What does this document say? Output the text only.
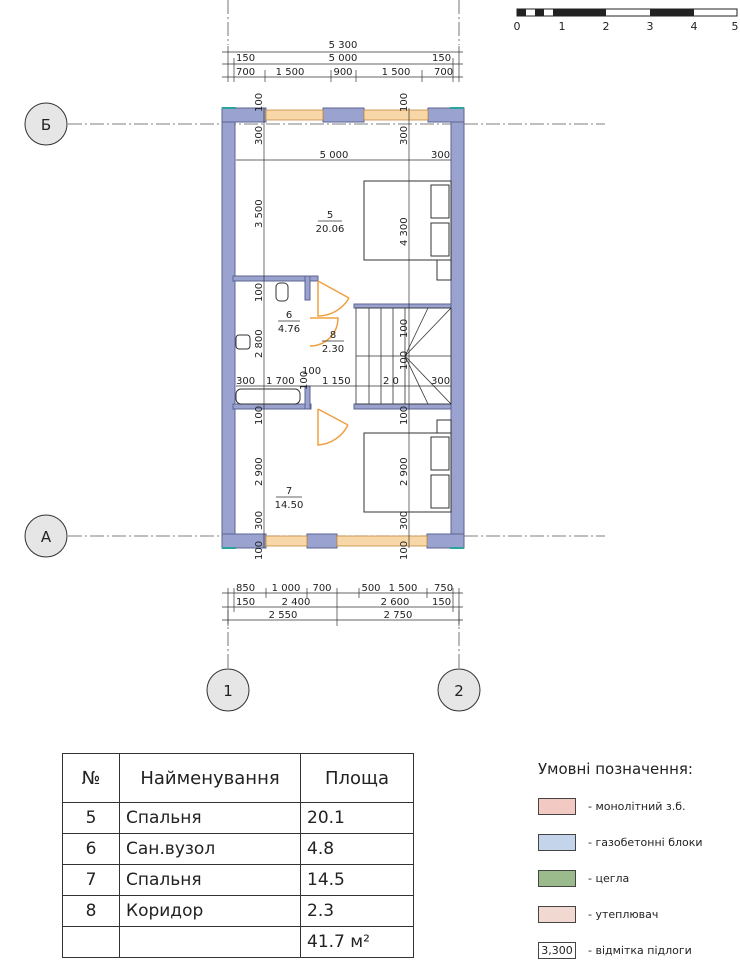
0	1	2	3	4	5
Б
А
1	2
5 300
150	5 000	150
700 1 500	900	1 500 700
5 000	300
300 1 700
100
1 150	2 0	300
100
300
3 500
4 300
100
2 800
100
100
100
2 900	2 900
300	300
100	100
300
100
100
100
5
20.06
6
4.76
8
2.30
7
14.50
850 1 000 700	500 1 500 750
150	2 400	2 600 150
2 550	2 750
№	Найменування	Площа
5	Спальня	20.1
6	Сан.вузол	4.8
7	Спальня	14.5
8	Коридор	2.3
		41.7 м²
Умовні позначення:
- монолітний з.б.
- газобетонні блоки
- цегла
- утеплювач
3,300 - відмітка підлоги
